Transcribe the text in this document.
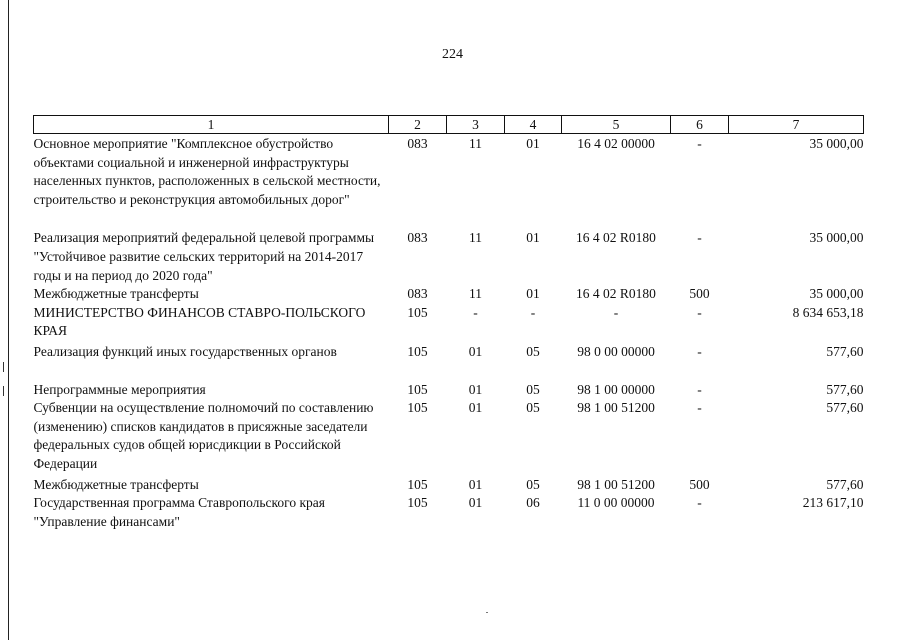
224
1	2	3	4	5	6	7
Основное мероприятие "Комплексное обустройство объектами социальной и инженерной инфраструктуры населенных пунктов, расположенных в сельской местности, строительство и реконструкция автомобильных дорог"	083	11	01	16 4 02 00000	-	35 000,00

Реализация мероприятий федеральной целевой программы "Устойчивое развитие сельских территорий на 2014-2017 годы и на период до 2020 года"	083	11	01	16 4 02 R0180	-	35 000,00
Межбюджетные трансферты	083	11	01	16 4 02 R0180	500	35 000,00
МИНИСТЕРСТВО ФИНАНСОВ СТАВРО-ПОЛЬСКОГО КРАЯ	105	-	-	-	-	8 634 653,18
Реализация функций иных государственных органов	105	01	05	98 0 00 00000	-	577,60

Непрограммные мероприятия	105	01	05	98 1 00 00000	-	577,60
Субвенции на осуществление полномочий по составлению (изменению) списков кандидатов в присяжные заседатели федеральных судов общей юрисдикции в Российской Федерации	105	01	05	98 1 00 51200	-	577,60
Межбюджетные трансферты	105	01	05	98 1 00 51200	500	577,60
Государственная программа Ставропольского края "Управление финансами"	105	01	06	11 0 00 00000	-	213 617,10
